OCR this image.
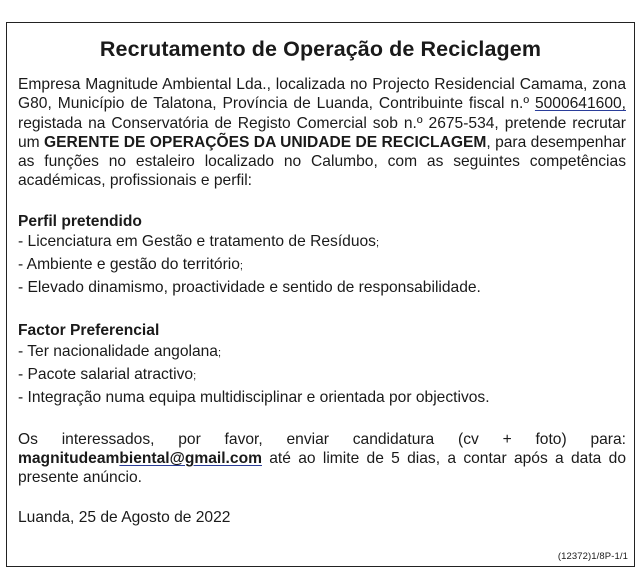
Recrutamento de Operação de Reciclagem

Empresa Magnitude Ambiental Lda., localizada no Projecto Residencial Camama, zona G80, Município de Talatona, Província de Luanda, Contribuinte fiscal n.º 5000641600, registada na Conservatória de Registo Comercial sob n.º 2675-534, pretende recrutar um GERENTE DE OPERAÇÕES DA UNIDADE DE RECICLAGEM, para desempenhar as funções no estaleiro localizado no Calumbo, com as seguintes competências académicas, profissionais e perfil:

Perfil pretendido

- Licenciatura em Gestão e tratamento de Resíduos;

- Ambiente e gestão do território;

- Elevado dinamismo, proactividade e sentido de responsabilidade.

Factor Preferencial

- Ter nacionalidade angolana;

- Pacote salarial atractivo;

- Integração numa equipa multidisciplinar e orientada por objectivos.

Os interessados, por favor, enviar candidatura (cv + foto) para: magnitudeambiental@gmail.com até ao limite de 5 dias, a contar após a data do presente anúncio.

Luanda, 25 de Agosto de 2022

(12372)1/8P-1/1
